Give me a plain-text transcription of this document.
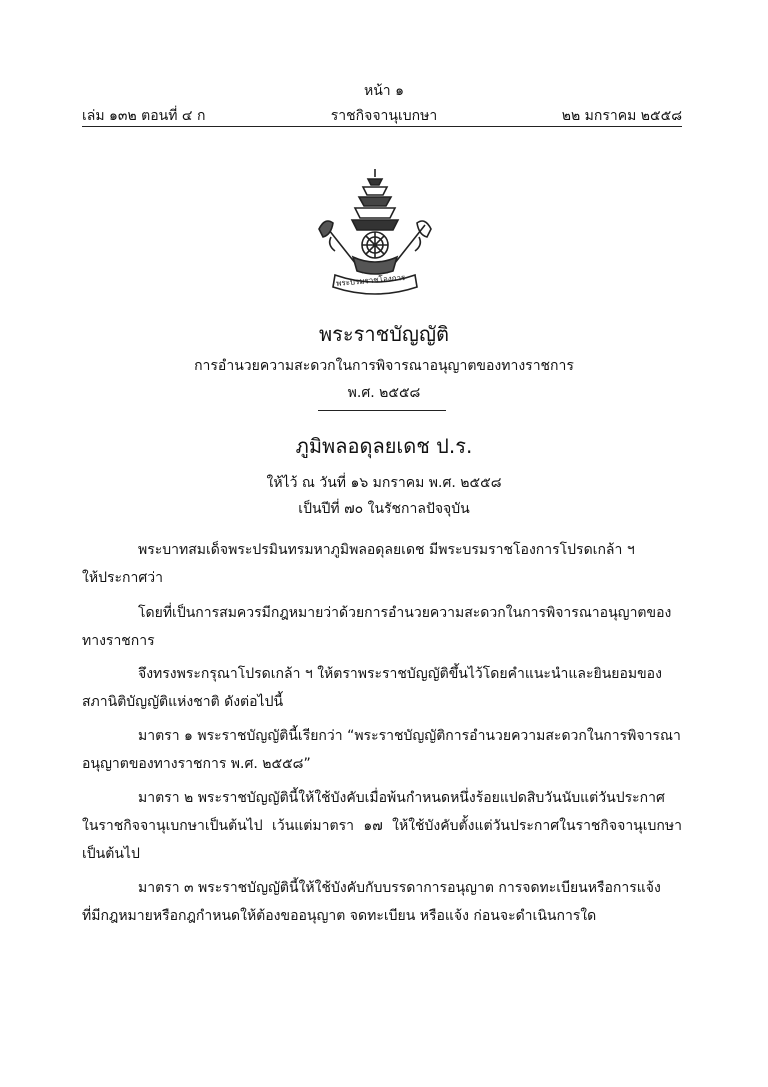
หน้า ๑
เล่ม ๑๓๒ ตอนที่ ๔ ก	ราชกิจจานุเบกษา	๒๒ มกราคม ๒๕๕๘
พระบรมราชโองการ
พระราชบัญญัติ
การอำนวยความสะดวกในการพิจารณาอนุญาตของทางราชการ
พ.ศ. ๒๕๕๘
ภูมิพลอดุลยเดช ป.ร.
ให้ไว้ ณ วันที่ ๑๖ มกราคม พ.ศ. ๒๕๕๘
เป็นปีที่ ๗๐ ในรัชกาลปัจจุบัน
พระบาทสมเด็จพระปรมินทรมหาภูมิพลอดุลยเดช มีพระบรมราชโองการโปรดเกล้า ฯ
ให้ประกาศว่า
โดยที่เป็นการสมควรมีกฎหมายว่าด้วยการอำนวยความสะดวกในการพิจารณาอนุญาตของ
ทางราชการ
จึงทรงพระกรุณาโปรดเกล้า ฯ ให้ตราพระราชบัญญัติขึ้นไว้โดยคำแนะนำและยินยอมของ
สภานิติบัญญัติแห่งชาติ ดังต่อไปนี้
มาตรา ๑ พระราชบัญญัตินี้เรียกว่า “พระราชบัญญัติการอำนวยความสะดวกในการพิจารณา
อนุญาตของทางราชการ พ.ศ. ๒๕๕๘”
มาตรา ๒ พระราชบัญญัตินี้ให้ใช้บังคับเมื่อพ้นกำหนดหนึ่งร้อยแปดสิบวันนับแต่วันประกาศ
ในราชกิจจานุเบกษาเป็นต้นไป เว้นแต่มาตรา ๑๗ ให้ใช้บังคับตั้งแต่วันประกาศในราชกิจจานุเบกษา เป็นต้นไป
มาตรา ๓ พระราชบัญญัตินี้ให้ใช้บังคับกับบรรดาการอนุญาต การจดทะเบียนหรือการแจ้ง
ที่มีกฎหมายหรือกฎกำหนดให้ต้องขออนุญาต จดทะเบียน หรือแจ้ง ก่อนจะดำเนินการใด
